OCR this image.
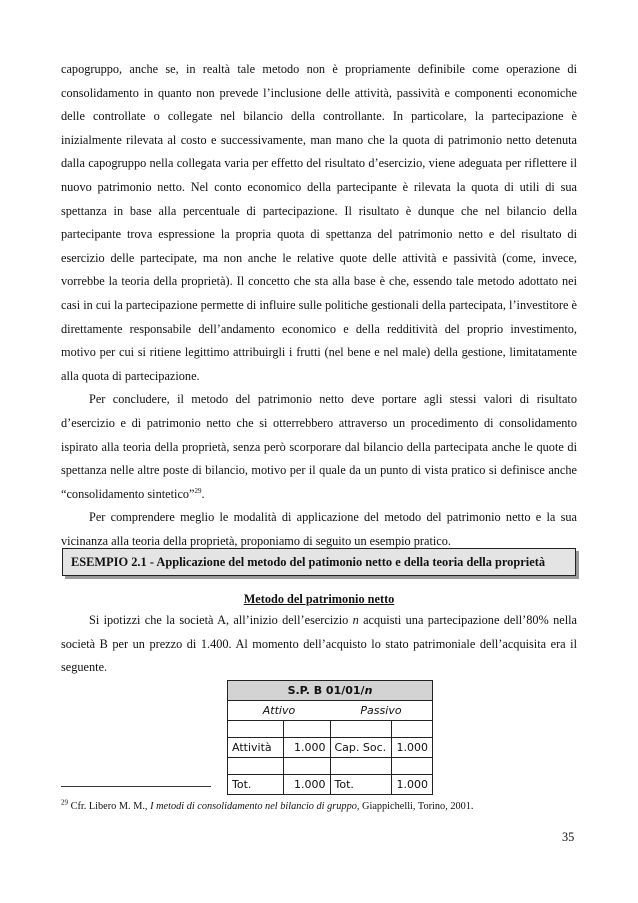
capogruppo, anche se, in realtà tale metodo non è propriamente definibile come operazione di consolidamento in quanto non prevede l’inclusione delle attività, passività e componenti economiche delle controllate o collegate nel bilancio della controllante. In particolare, la partecipazione è inizialmente rilevata al costo e successivamente, man mano che la quota di patrimonio netto detenuta dalla capogruppo nella collegata varia per effetto del risultato d’esercizio, viene adeguata per riflettere il nuovo patrimonio netto. Nel conto economico della partecipante è rilevata la quota di utili di sua spettanza in base alla percentuale di partecipazione. Il risultato è dunque che nel bilancio della partecipante trova espressione la propria quota di spettanza del patrimonio netto e del risultato di esercizio delle partecipate, ma non anche le relative quote delle attività e passività (come, invece, vorrebbe la teoria della proprietà). Il concetto che sta alla base è che, essendo tale metodo adottato nei casi in cui la partecipazione permette di influire sulle politiche gestionali della partecipata, l’investitore è direttamente responsabile dell’andamento economico e della redditività del proprio investimento, motivo per cui si ritiene legittimo attribuirgli i frutti (nel bene e nel male) della gestione, limitatamente alla quota di partecipazione.

Per concludere, il metodo del patrimonio netto deve portare agli stessi valori di risultato d’esercizio e di patrimonio netto che si otterrebbero attraverso un procedimento di consolidamento ispirato alla teoria della proprietà, senza però scorporare dal bilancio della partecipata anche le quote di spettanza nelle altre poste di bilancio, motivo per il quale da un punto di vista pratico si definisce anche “consolidamento sintetico”$^{29}$.

Per comprendere meglio le modalità di applicazione del metodo del patrimonio netto e la sua vicinanza alla teoria della proprietà, proponiamo di seguito un esempio pratico.

ESEMPIO 2.1 - Applicazione del metodo del patimonio netto e della teoria della proprietà
Metodo del patrimonio netto

Si ipotizzi che la società A, all’inizio dell’esercizio n acquisti una partecipazione dell’80% nella società B per un prezzo di 1.400. Al momento dell’acquisto lo stato patrimoniale dell’acquisita era il seguente.

S.P. B 01/01/n			
Attivo		Passivo	

Attività	1.000	Cap. Soc.	1.000

Tot.	1.000	Tot.	1.000
$^{29}$ Cfr. Libero M. M., I metodi di consolidamento nel bilancio di gruppo, Giappichelli, Torino, 2001.
35
